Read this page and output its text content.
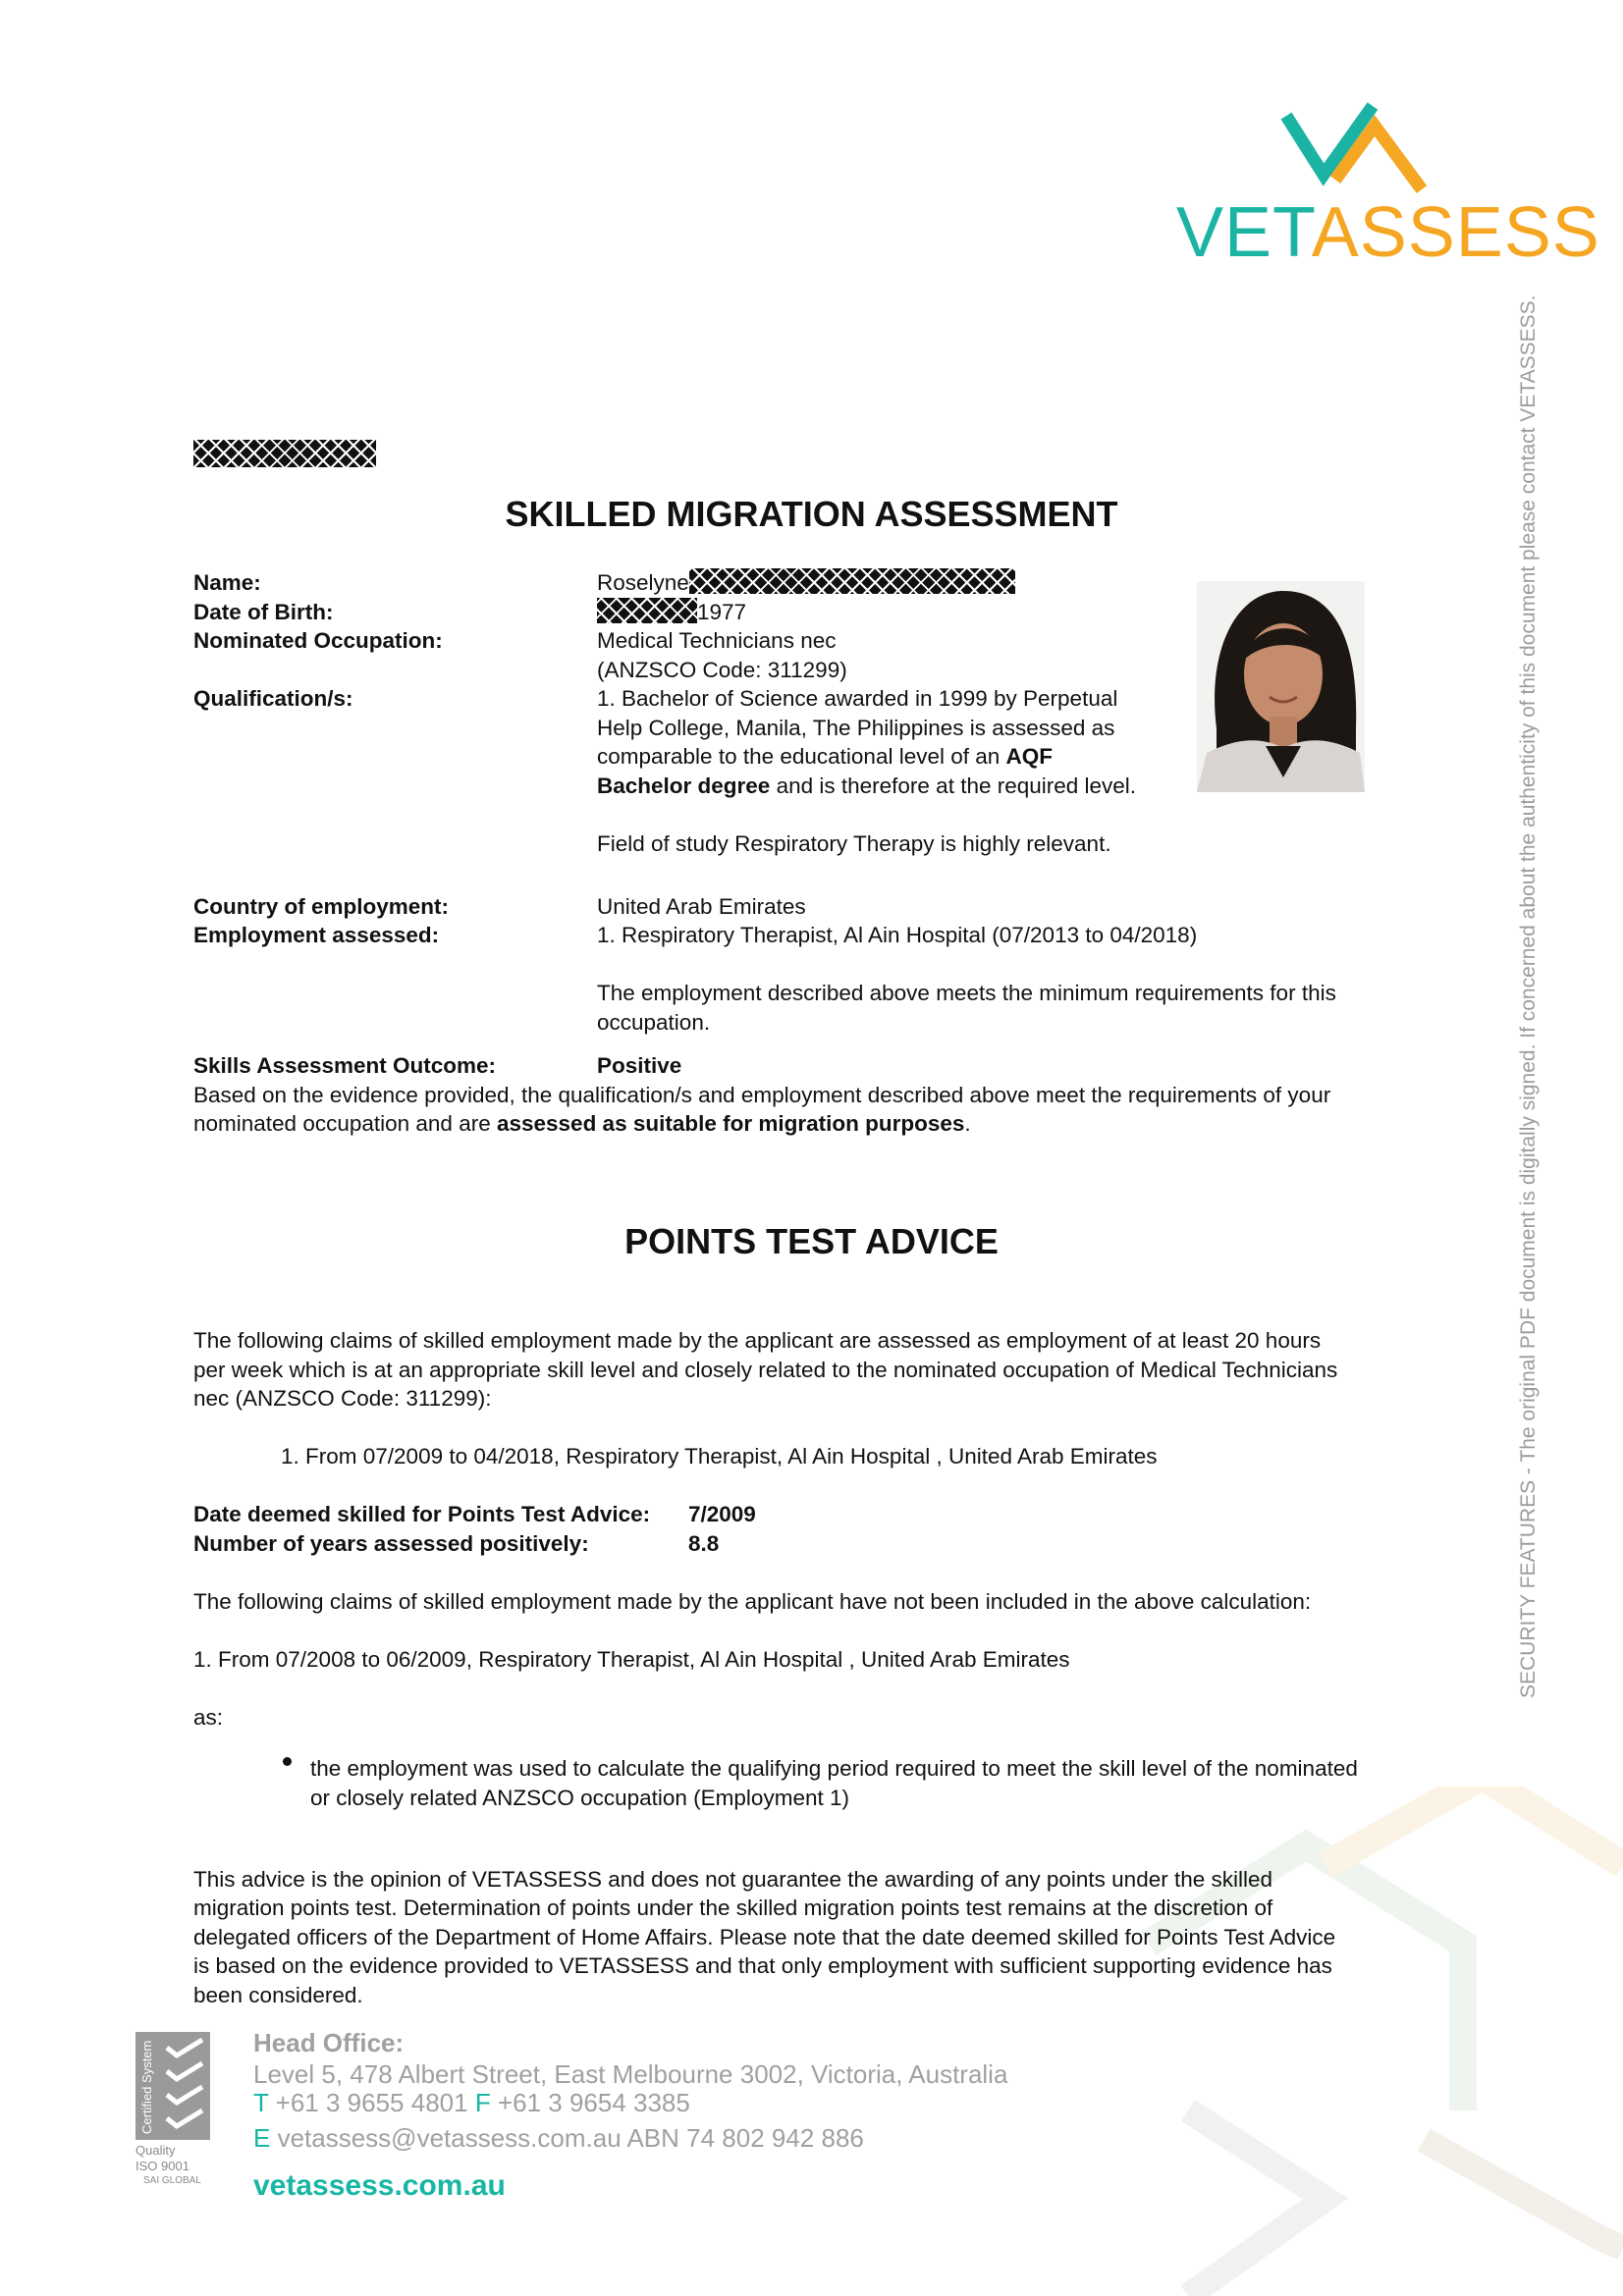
VETASSESS
SECURITY FEATURES - The original PDF document is digitally signed. If concerned about the authenticity of this document please contact VETASSESS.
SKILLED MIGRATION ASSESSMENT
Name:	Roselyne
Date of Birth:	1977
Nominated Occupation:	Medical Technicians nec
(ANZSCO Code: 311299)
Qualification/s:	1. Bachelor of Science awarded in 1999 by Perpetual
Help College, Manila, The Philippines is assessed as
comparable to the educational level of an AQF
Bachelor degree and is therefore at the required level.
Field of study Respiratory Therapy is highly relevant.
Country of employment:	United Arab Emirates
Employment assessed:	1. Respiratory Therapist, Al Ain Hospital (07/2013 to 04/2018)
The employment described above meets the minimum requirements for this
occupation.
Skills Assessment Outcome:	Positive
Based on the evidence provided, the qualification/s and employment described above meet the requirements of your
nominated occupation and are assessed as suitable for migration purposes.
POINTS TEST ADVICE
The following claims of skilled employment made by the applicant are assessed as employment of at least 20 hours
per week which is at an appropriate skill level and closely related to the nominated occupation of Medical Technicians
nec (ANZSCO Code: 311299):
1. From 07/2009 to 04/2018, Respiratory Therapist, Al Ain Hospital , United Arab Emirates
Date deemed skilled for Points Test Advice: 7/2009
Number of years assessed positively:	8.8
The following claims of skilled employment made by the applicant have not been included in the above calculation:
1. From 07/2008 to 06/2009, Respiratory Therapist, Al Ain Hospital , United Arab Emirates
as:
the employment was used to calculate the qualifying period required to meet the skill level of the nominated
or closely related ANZSCO occupation (Employment 1)
This advice is the opinion of VETASSESS and does not guarantee the awarding of any points under the skilled
migration points test. Determination of points under the skilled migration points test remains at the discretion of
delegated officers of the Department of Home Affairs. Please note that the date deemed skilled for Points Test Advice
is based on the evidence provided to VETASSESS and that only employment with sufficient supporting evidence has
been considered.
Certified System
Quality
ISO 9001
SAI GLOBAL
Head Office:
Level 5, 478 Albert Street, East Melbourne 3002, Victoria, Australia
T +61 3 9655 4801 F +61 3 9654 3385
E vetassess@vetassess.com.au ABN 74 802 942 886
vetassess.com.au
